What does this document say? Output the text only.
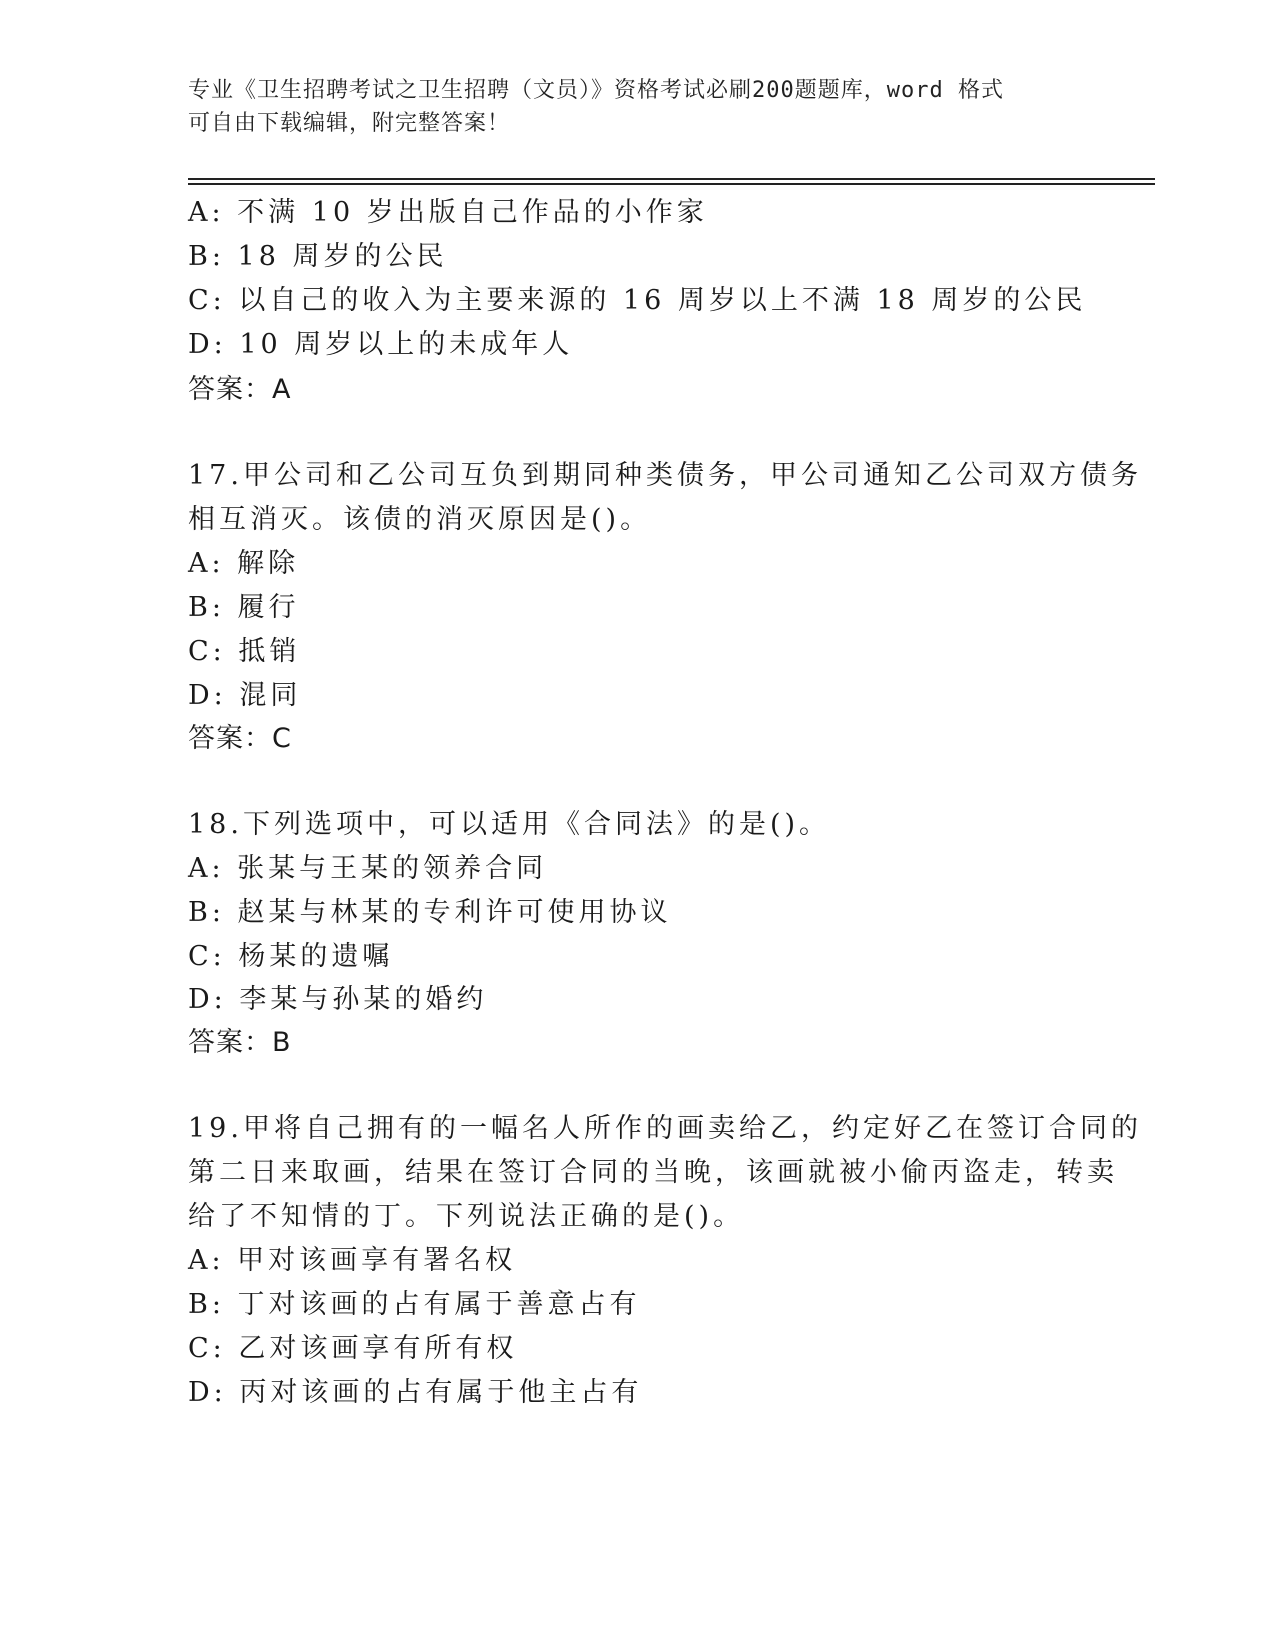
专业《卫生招聘考试之卫生招聘（文员）》资格考试必刷200题题库，word 格式
可自由下载编辑，附完整答案！
A: 不满 10 岁出版自己作品的小作家
B: 18 周岁的公民
C: 以自己的收入为主要来源的 16 周岁以上不满 18 周岁的公民
D: 10 周岁以上的未成年人
答案：A
17.甲公司和乙公司互负到期同种类债务，甲公司通知乙公司双方债务
相互消灭。该债的消灭原因是()。
A: 解除
B: 履行
C: 抵销
D: 混同
答案：C
18.下列选项中，可以适用《合同法》的是()。
A: 张某与王某的领养合同
B: 赵某与林某的专利许可使用协议
C: 杨某的遗嘱
D: 李某与孙某的婚约
答案：B
19.甲将自己拥有的一幅名人所作的画卖给乙，约定好乙在签订合同的
第二日来取画，结果在签订合同的当晚，该画就被小偷丙盗走，转卖
给了不知情的丁。下列说法正确的是()。
A: 甲对该画享有署名权
B: 丁对该画的占有属于善意占有
C: 乙对该画享有所有权
D: 丙对该画的占有属于他主占有
